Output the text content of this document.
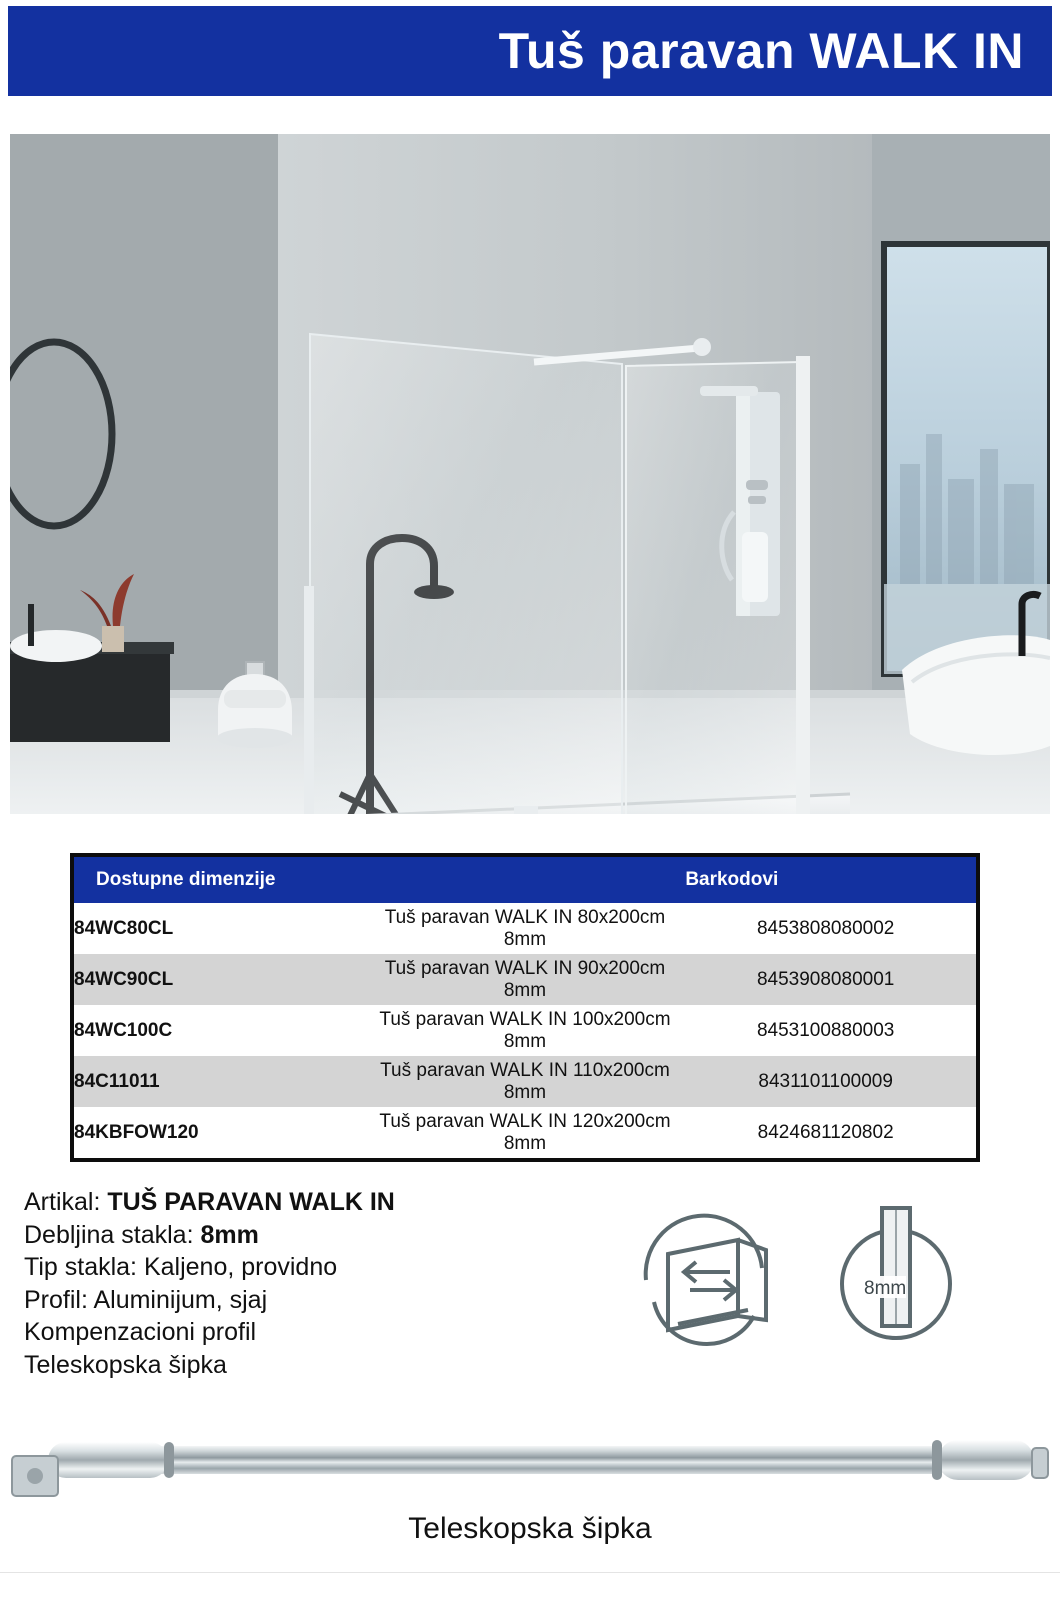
Tuš paravan WALK IN
Dostupne dimenzije		Barkodovi
84WC80CL	Tuš paravan WALK IN 80x200cm 8mm	8453808080002
84WC90CL	Tuš paravan WALK IN 90x200cm 8mm	8453908080001
84WC100C	Tuš paravan WALK IN 100x200cm 8mm	8453100880003
84C11011	Tuš paravan WALK IN 110x200cm 8mm	8431101100009
84KBFOW120	Tuš paravan WALK IN 120x200cm 8mm	8424681120802
Artikal: TUŠ PARAVAN WALK IN
Debljina stakla: 8mm
Tip stakla: Kaljeno, providno
Profil: Aluminijum, sjaj
Kompenzacioni profil
Teleskopska šipka
8mm
Teleskopska šipka
